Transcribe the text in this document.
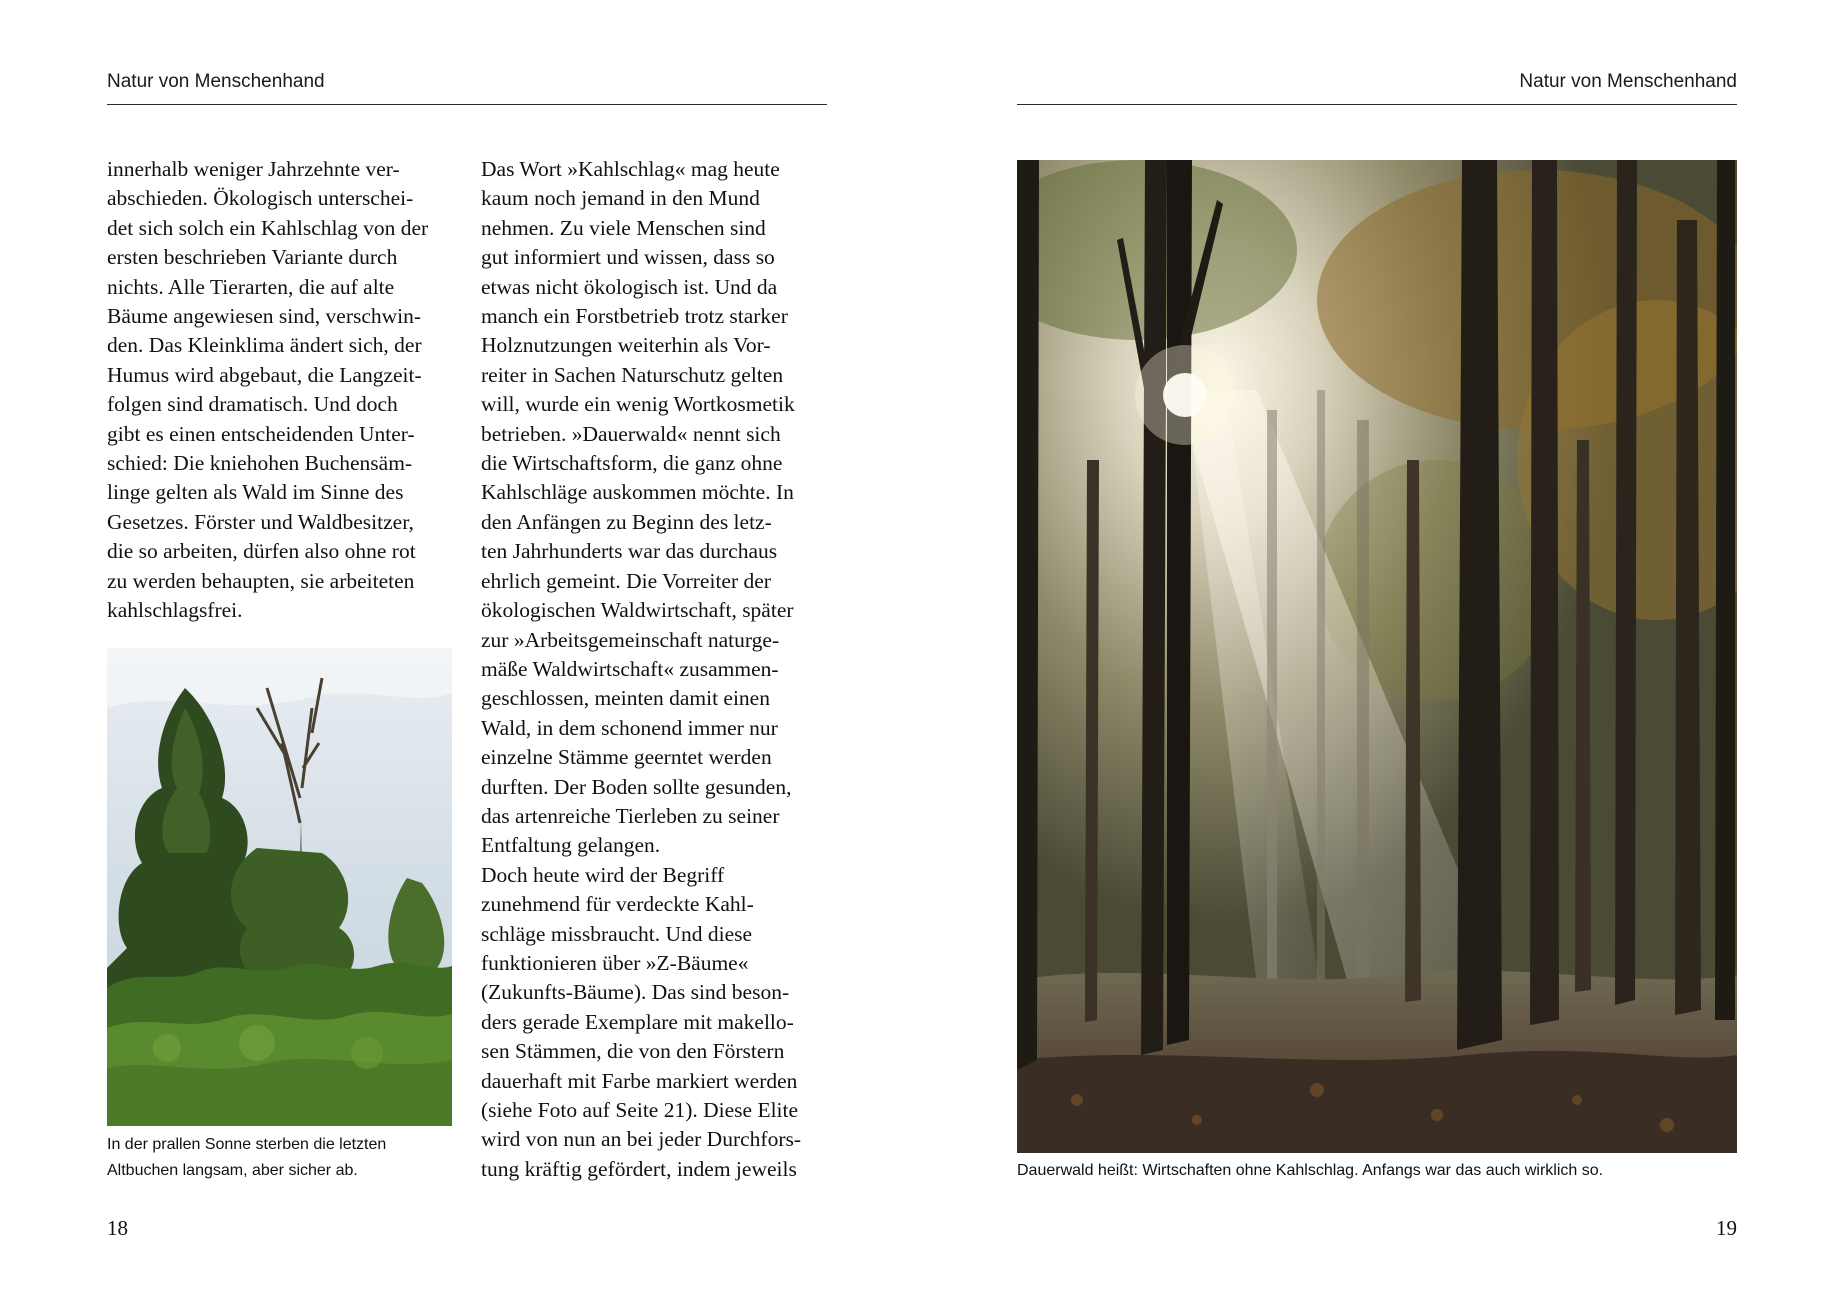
Natur von Menschenhand

innerhalb weniger Jahrzehnte ver-
abschieden. Ökologisch unterschei-
det sich solch ein Kahlschlag von der
ersten beschrieben Variante durch
nichts. Alle Tierarten, die auf alte
Bäume angewiesen sind, verschwin-
den. Das Kleinklima ändert sich, der
Humus wird abgebaut, die Langzeit-
folgen sind dramatisch. Und doch
gibt es einen entscheidenden Unter-
schied: Die kniehohen Buchensäm-
linge gelten als Wald im Sinne des
Gesetzes. Förster und Waldbesitzer,
die so arbeiten, dürfen also ohne rot
zu werden behaupten, sie arbeiteten
kahlschlagsfrei.

In der prallen Sonne sterben die letzten
Altbuchen langsam, aber sicher ab.

Das Wort »Kahlschlag« mag heute
kaum noch jemand in den Mund
nehmen. Zu viele Menschen sind
gut informiert und wissen, dass so
etwas nicht ökologisch ist. Und da
manch ein Forstbetrieb trotz starker
Holznutzungen weiterhin als Vor-
reiter in Sachen Naturschutz gelten
will, wurde ein wenig Wortkosmetik
betrieben. »Dauerwald« nennt sich
die Wirtschaftsform, die ganz ohne
Kahlschläge auskommen möchte. In
den Anfängen zu Beginn des letz-
ten Jahrhunderts war das durchaus
ehrlich gemeint. Die Vorreiter der
ökologischen Waldwirtschaft, später
zur »Arbeitsgemeinschaft naturge-
mäße Waldwirtschaft« zusammen-
geschlossen, meinten damit einen
Wald, in dem schonend immer nur
einzelne Stämme geerntet werden
durften. Der Boden sollte gesunden,
das artenreiche Tierleben zu seiner
Entfaltung gelangen.
Doch heute wird der Begriff
zunehmend für verdeckte Kahl-
schläge missbraucht. Und diese
funktionieren über »Z-Bäume«
(Zukunfts-Bäume). Das sind beson-
ders gerade Exemplare mit makello-
sen Stämmen, die von den Förstern
dauerhaft mit Farbe markiert werden
(siehe Foto auf Seite 21). Diese Elite
wird von nun an bei jeder Durchfors-
tung kräftig gefördert, indem jeweils

18
Natur von Menschenhand

Dauerwald heißt: Wirtschaften ohne Kahlschlag. Anfangs war das auch wirklich so.

19
